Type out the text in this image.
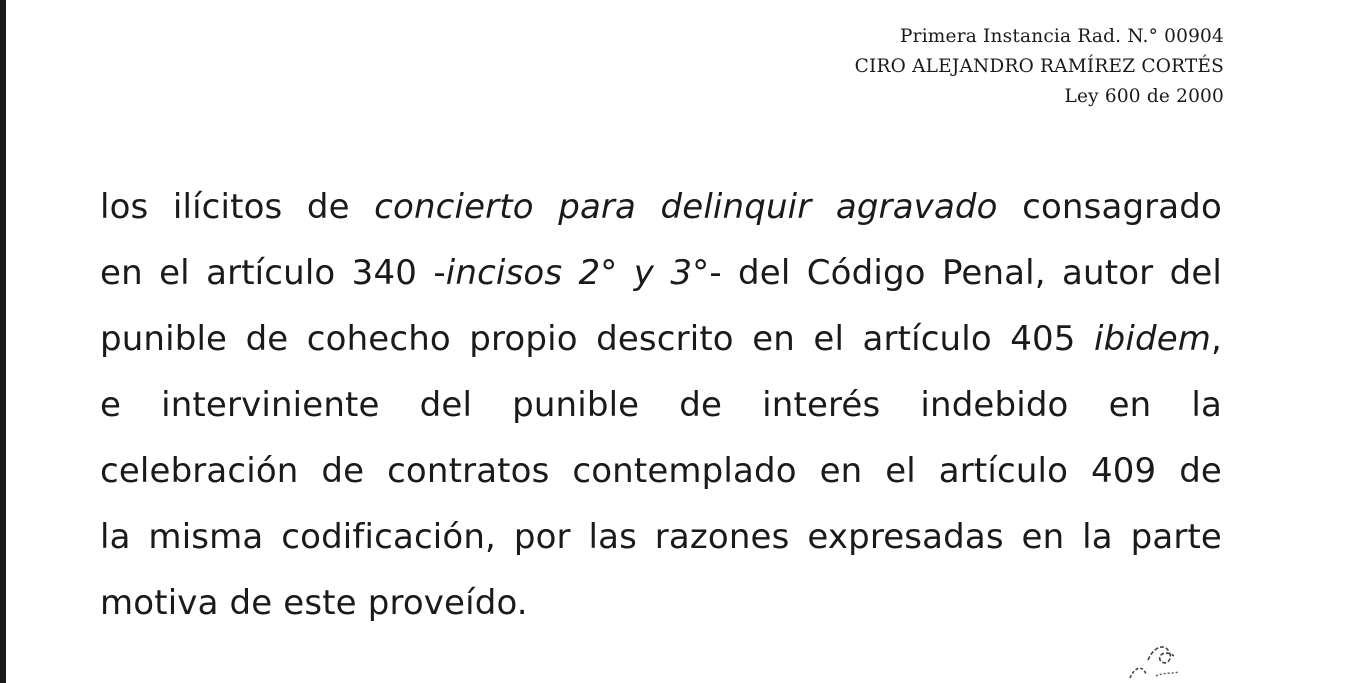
Primera Instancia Rad. N.° 00904
CIRO ALEJANDRO RAMÍREZ CORTÉS
Ley 600 de 2000
los ilícitos de concierto para delinquir agravado consagrado
en el artículo 340 -incisos 2° y 3°- del Código Penal, autor del
punible de cohecho propio descrito en el artículo 405 ibidem,
e interviniente del punible de interés indebido en la
celebración de contratos contemplado en el artículo 409 de
la misma codificación, por las razones expresadas en la parte
motiva de este proveído.
